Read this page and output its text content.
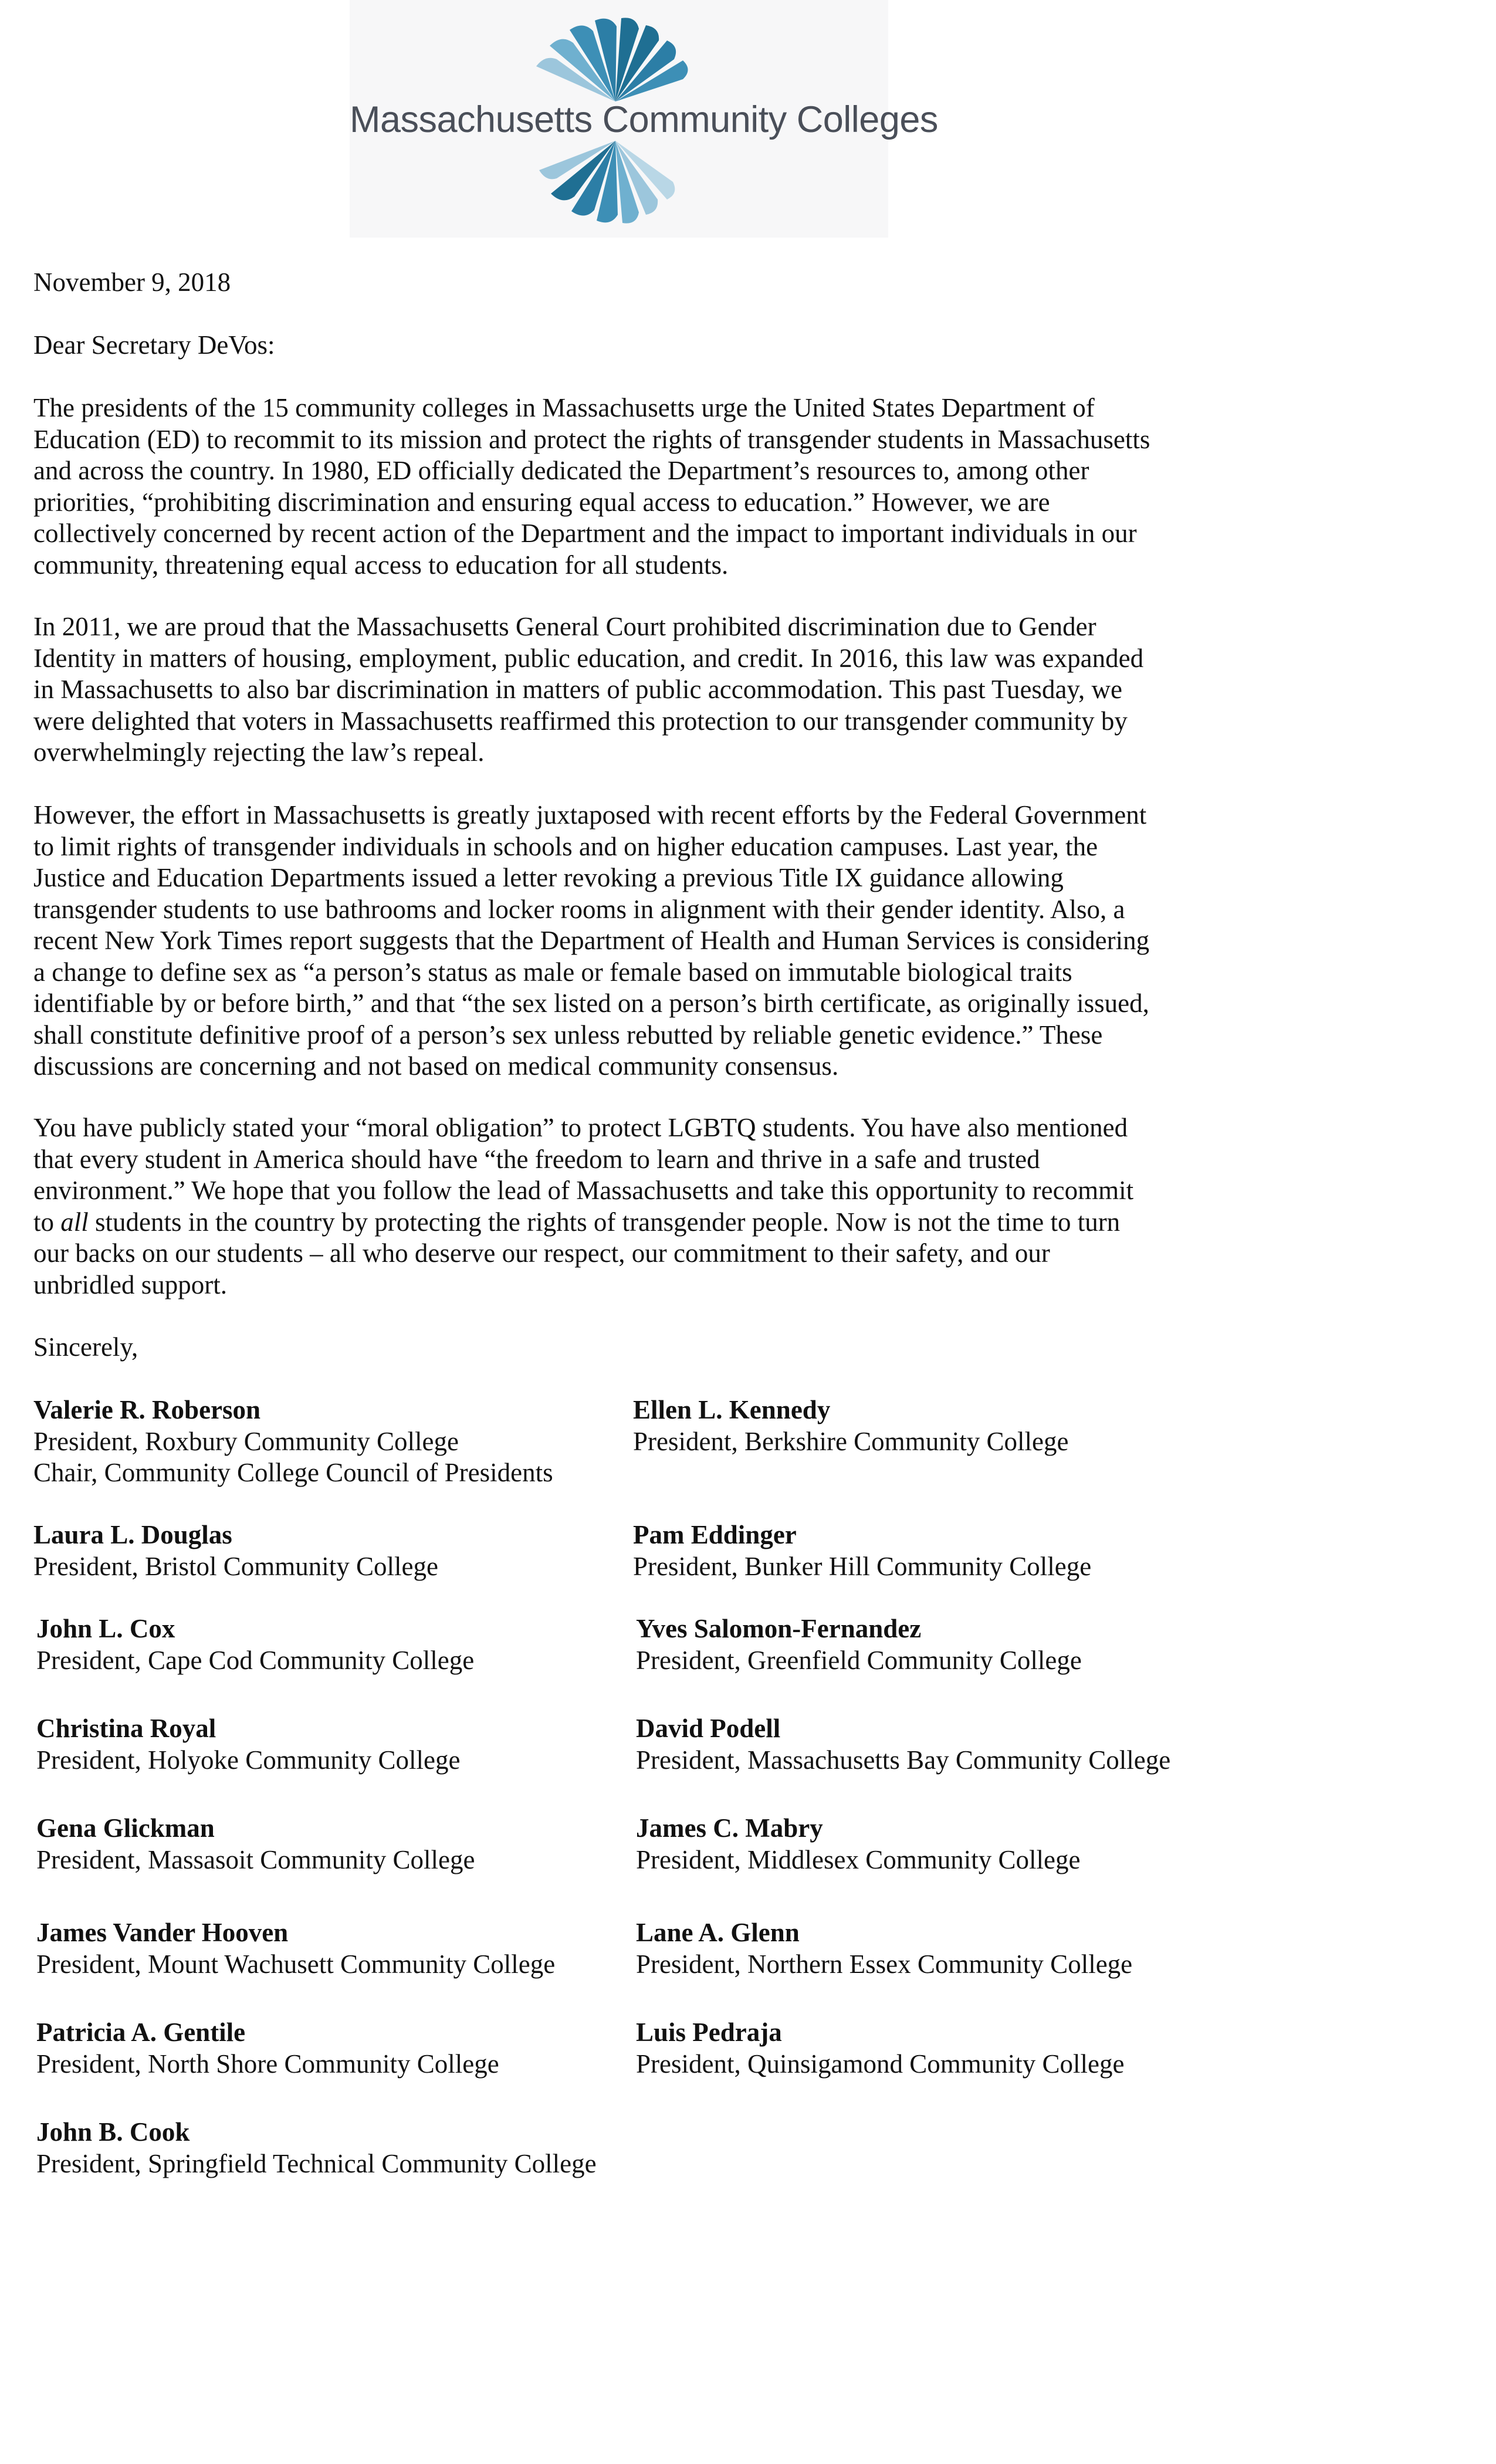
Massachusetts Community Colleges
November 9, 2018
Dear Secretary DeVos:
The presidents of the 15 community colleges in Massachusetts urge the United States Department of
Education (ED) to recommit to its mission and protect the rights of transgender students in Massachusetts
and across the country. In 1980, ED officially dedicated the Department’s resources to, among other
priorities, “prohibiting discrimination and ensuring equal access to education.” However, we are
collectively concerned by recent action of the Department and the impact to important individuals in our
community, threatening equal access to education for all students.
In 2011, we are proud that the Massachusetts General Court prohibited discrimination due to Gender
Identity in matters of housing, employment, public education, and credit. In 2016, this law was expanded
in Massachusetts to also bar discrimination in matters of public accommodation. This past Tuesday, we
were delighted that voters in Massachusetts reaffirmed this protection to our transgender community by
overwhelmingly rejecting the law’s repeal.
However, the effort in Massachusetts is greatly juxtaposed with recent efforts by the Federal Government
to limit rights of transgender individuals in schools and on higher education campuses. Last year, the
Justice and Education Departments issued a letter revoking a previous Title IX guidance allowing
transgender students to use bathrooms and locker rooms in alignment with their gender identity. Also, a
recent New York Times report suggests that the Department of Health and Human Services is considering
a change to define sex as “a person’s status as male or female based on immutable biological traits
identifiable by or before birth,” and that “the sex listed on a person’s birth certificate, as originally issued,
shall constitute definitive proof of a person’s sex unless rebutted by reliable genetic evidence.” These
discussions are concerning and not based on medical community consensus.
You have publicly stated your “moral obligation” to protect LGBTQ students. You have also mentioned
that every student in America should have “the freedom to learn and thrive in a safe and trusted
environment.” We hope that you follow the lead of Massachusetts and take this opportunity to recommit
to all students in the country by protecting the rights of transgender people. Now is not the time to turn
our backs on our students – all who deserve our respect, our commitment to their safety, and our
unbridled support.
Sincerely,
Valerie R. Roberson
President, Roxbury Community College
Chair, Community College Council of Presidents
Ellen L. Kennedy
President, Berkshire Community College
Laura L. Douglas
President, Bristol Community College
Pam Eddinger
President, Bunker Hill Community College
John L. Cox
President, Cape Cod Community College
Yves Salomon-Fernandez
President, Greenfield Community College
Christina Royal
President, Holyoke Community College
David Podell
President, Massachusetts Bay Community College
Gena Glickman
President, Massasoit Community College
James C. Mabry
President, Middlesex Community College
James Vander Hooven
President, Mount Wachusett Community College
Lane A. Glenn
President, Northern Essex Community College
Patricia A. Gentile
President, North Shore Community College
Luis Pedraja
President, Quinsigamond Community College
John B. Cook
President, Springfield Technical Community College
